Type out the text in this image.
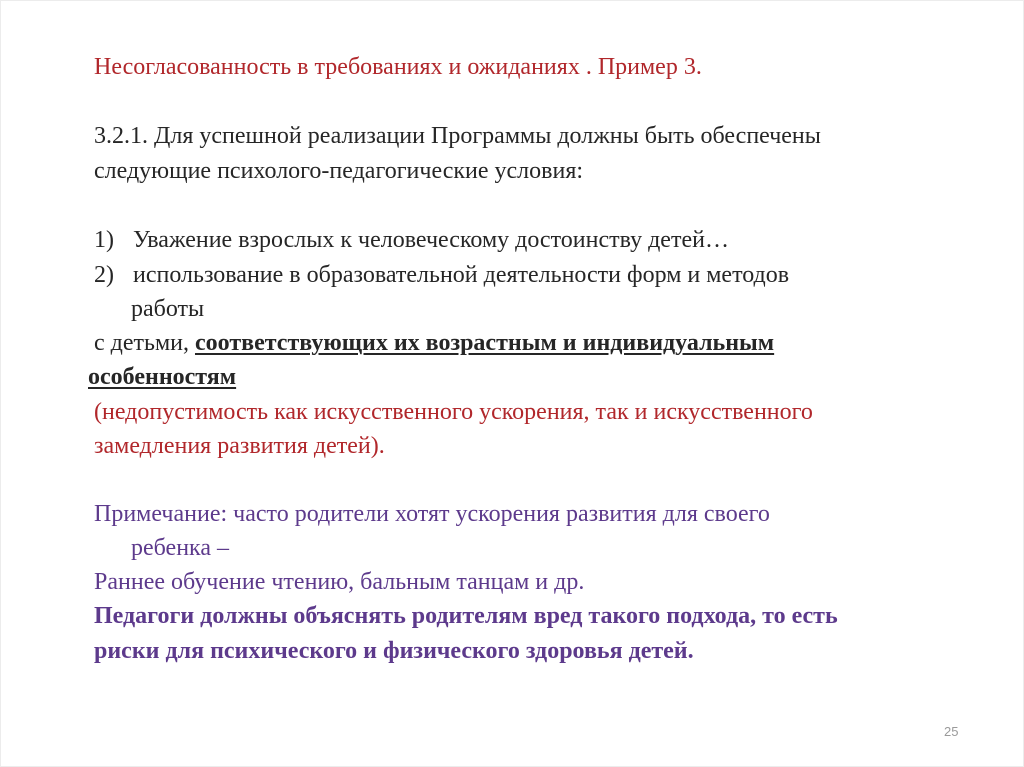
Несогласованность в требованиях и ожиданиях . Пример 3.
3.2.1. Для успешной реализации Программы должны быть обеспечены
следующие психолого-педагогические условия:
1) Уважение взрослых к человеческому достоинству детей…
2) использование в образовательной деятельности форм и методов
работы
с детьми, соответствующих их возрастным и индивидуальным
особенностям
(недопустимость как искусственного ускорения, так и искусственного
замедления развития детей).
Примечание: часто родители хотят ускорения развития для своего
ребенка –
Раннее обучение чтению, бальным танцам и др.
Педагоги должны объяснять родителям вред такого подхода, то есть
риски для психического и физического здоровья детей.
25
